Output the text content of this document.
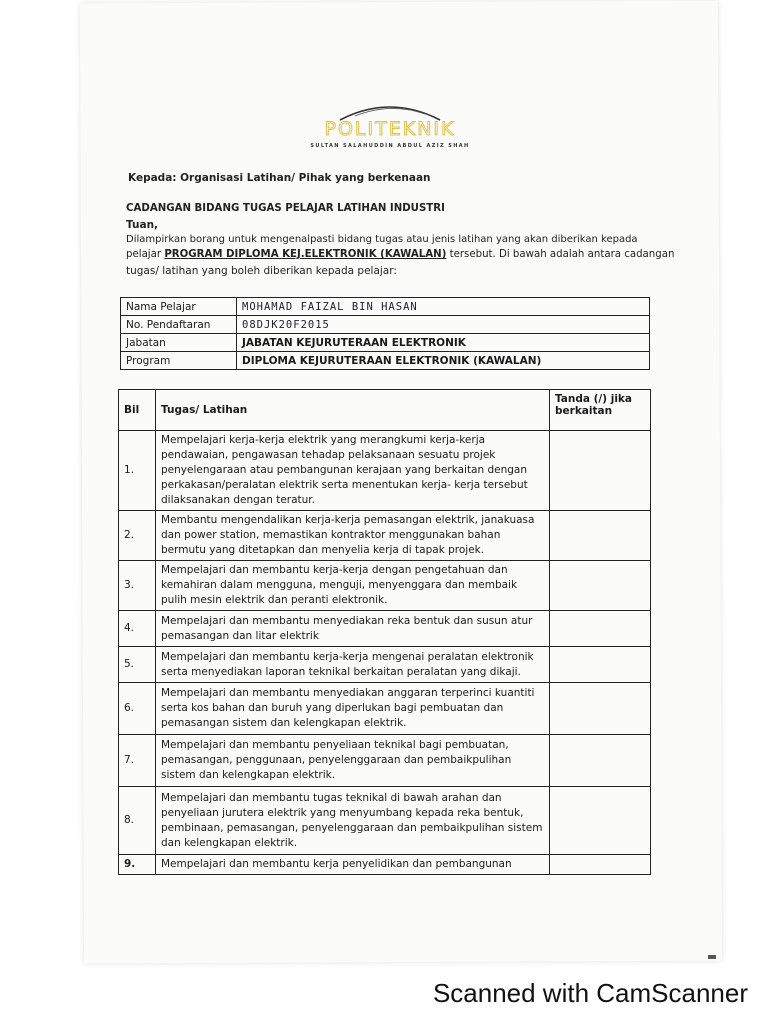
POLITEKNIK
SULTAN SALAHUDDIN ABDUL AZIZ SHAH
Kepada: Organisasi Latihan/ Pihak yang berkenaan
CADANGAN BIDANG TUGAS PELAJAR LATIHAN INDUSTRI
Tuan,
Dilampirkan borang untuk mengenalpasti bidang tugas atau jenis latihan yang akan diberikan kepada
pelajar PROGRAM DIPLOMA KEJ.ELEKTRONIK (KAWALAN) tersebut. Di bawah adalah antara cadangan
tugas/ latihan yang boleh diberikan kepada pelajar:
Nama Pelajar	MOHAMAD FAIZAL BIN HASAN
No. Pendaftaran	08DJK20F2015
Jabatan	JABATAN KEJURUTERAAN ELEKTRONIK
Program	DIPLOMA KEJURUTERAAN ELEKTRONIK (KAWALAN)
Bil	Tugas/ Latihan	Tanda (/) jika berkaitan
1.	Mempelajari kerja-kerja elektrik yang merangkumi kerja-kerja pendawaian, pengawasan tehadap pelaksanaan sesuatu projek penyelengaraan atau pembangunan kerajaan yang berkaitan dengan perkakasan/peralatan elektrik serta menentukan kerja- kerja tersebut dilaksanakan dengan teratur.	
2.	Membantu mengendalikan kerja-kerja pemasangan elektrik, janakuasa dan power station, memastikan kontraktor menggunakan bahan bermutu yang ditetapkan dan menyelia kerja di tapak projek.	
3.	Mempelajari dan membantu kerja-kerja dengan pengetahuan dan kemahiran dalam mengguna, menguji, menyenggara dan membaik pulih mesin elektrik dan peranti elektronik.	
4.	Mempelajari dan membantu menyediakan reka bentuk dan susun atur pemasangan dan litar elektrik	
5.	Mempelajari dan membantu kerja-kerja mengenai peralatan elektronik serta menyediakan laporan teknikal berkaitan peralatan yang dikaji.	
6.	Mempelajari dan membantu menyediakan anggaran terperinci kuantiti serta kos bahan dan buruh yang diperlukan bagi pembuatan dan pemasangan sistem dan kelengkapan elektrik.	
7.	Mempelajari dan membantu penyeliaan teknikal bagi pembuatan, pemasangan, penggunaan, penyelenggaraan dan pembaikpulihan sistem dan kelengkapan elektrik.	
8.	Mempelajari dan membantu tugas teknikal di bawah arahan dan penyeliaan jurutera elektrik yang menyumbang kepada reka bentuk, pembinaan, pemasangan, penyelenggaraan dan pembaikpulihan sistem dan kelengkapan elektrik.	
9.	Mempelajari dan membantu kerja penyelidikan dan pembangunan	
Scanned with CamScanner
